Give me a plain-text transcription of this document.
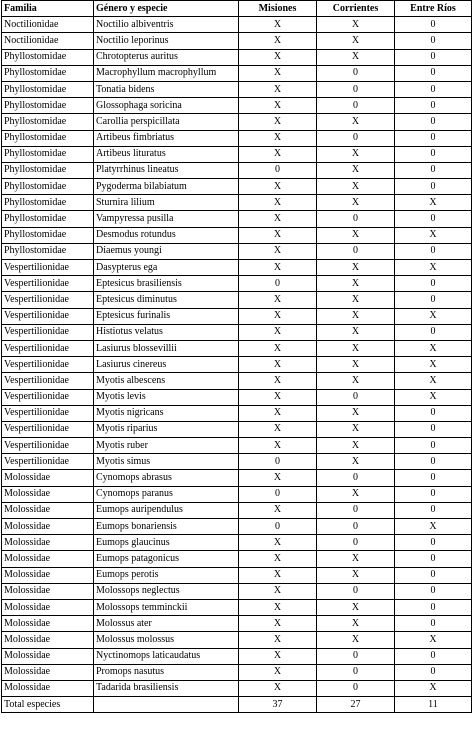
Familia	Género y especie	Misiones	Corrientes	Entre Ríos
Noctilionidae	Noctilio albiventris	X	X	0
Noctilionidae	Noctilio leporinus	X	X	0
Phyllostomidae	Chrotopterus auritus	X	X	0
Phyllostomidae	Macrophyllum macrophyllum	X	0	0
Phyllostomidae	Tonatia bidens	X	0	0
Phyllostomidae	Glossophaga soricina	X	0	0
Phyllostomidae	Carollia perspicillata	X	X	0
Phyllostomidae	Artibeus fimbriatus	X	0	0
Phyllostomidae	Artibeus lituratus	X	X	0
Phyllostomidae	Platyrrhinus lineatus	0	X	0
Phyllostomidae	Pygoderma bilabiatum	X	X	0
Phyllostomidae	Sturnira lilium	X	X	X
Phyllostomidae	Vampyressa pusilla	X	0	0
Phyllostomidae	Desmodus rotundus	X	X	X
Phyllostomidae	Diaemus youngi	X	0	0
Vespertilionidae	Dasypterus ega	X	X	X
Vespertilionidae	Eptesicus brasiliensis	0	X	0
Vespertilionidae	Eptesicus diminutus	X	X	0
Vespertilionidae	Eptesicus furinalis	X	X	X
Vespertilionidae	Histiotus velatus	X	X	0
Vespertilionidae	Lasiurus blossevillii	X	X	X
Vespertilionidae	Lasiurus cinereus	X	X	X
Vespertilionidae	Myotis albescens	X	X	X
Vespertilionidae	Myotis levis	X	0	X
Vespertilionidae	Myotis nigricans	X	X	0
Vespertilionidae	Myotis riparius	X	X	0
Vespertilionidae	Myotis ruber	X	X	0
Vespertilionidae	Myotis simus	0	X	0
Molossidae	Cynomops abrasus	X	0	0
Molossidae	Cynomops paranus	0	X	0
Molossidae	Eumops auripendulus	X	0	0
Molossidae	Eumops bonariensis	0	0	X
Molossidae	Eumops glaucinus	X	0	0
Molossidae	Eumops patagonicus	X	X	0
Molossidae	Eumops perotis	X	X	0
Molossidae	Molossops neglectus	X	0	0
Molossidae	Molossops temminckii	X	X	0
Molossidae	Molossus ater	X	X	0
Molossidae	Molossus molossus	X	X	X
Molossidae	Nyctinomops laticaudatus	X	0	0
Molossidae	Promops nasutus	X	0	0
Molossidae	Tadarida brasiliensis	X	0	X
Total especies		37	27	11
